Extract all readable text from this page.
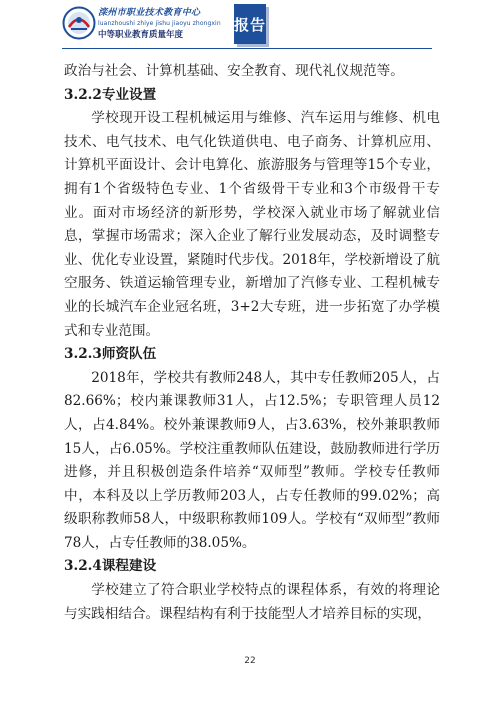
滦州市职业技术教育中心
luanzhoushi zhiye jishu jiaoyu zhongxin
中等职业教育质量年度
报告

政治与社会、计算机基础、安全教育、现代礼仪规范等。

3.2.2专业设置

学校现开设工程机械运用与维修、汽车运用与维修、机电技术、电气技术、电气化铁道供电、电子商务、计算机应用、计算机平面设计、会计电算化、旅游服务与管理等15个专业，拥有1个省级特色专业、1个省级骨干专业和3个市级骨干专业。面对市场经济的新形势，学校深入就业市场了解就业信息，掌握市场需求；深入企业了解行业发展动态，及时调整专业、优化专业设置，紧随时代步伐。2018年，学校新增设了航空服务、铁道运输管理专业，新增加了汽修专业、工程机械专业的长城汽车企业冠名班，3+2大专班，进一步拓宽了办学模式和专业范围。

3.2.3师资队伍

2018年，学校共有教师248人，其中专任教师205人，占82.66%；校内兼课教师31人，占12.5%；专职管理人员12人，占4.84%。校外兼课教师9人，占3.63%，校外兼职教师15人，占6.05%。学校注重教师队伍建设，鼓励教师进行学历进修，并且积极创造条件培养“双师型”教师。学校专任教师中，本科及以上学历教师203人，占专任教师的99.02%；高级职称教师58人，中级职称教师109人。学校有“双师型”教师78人，占专任教师的38.05%。

3.2.4课程建设

学校建立了符合职业学校特点的课程体系，有效的将理论与实践相结合。课程结构有利于技能型人才培养目标的实现，

22
